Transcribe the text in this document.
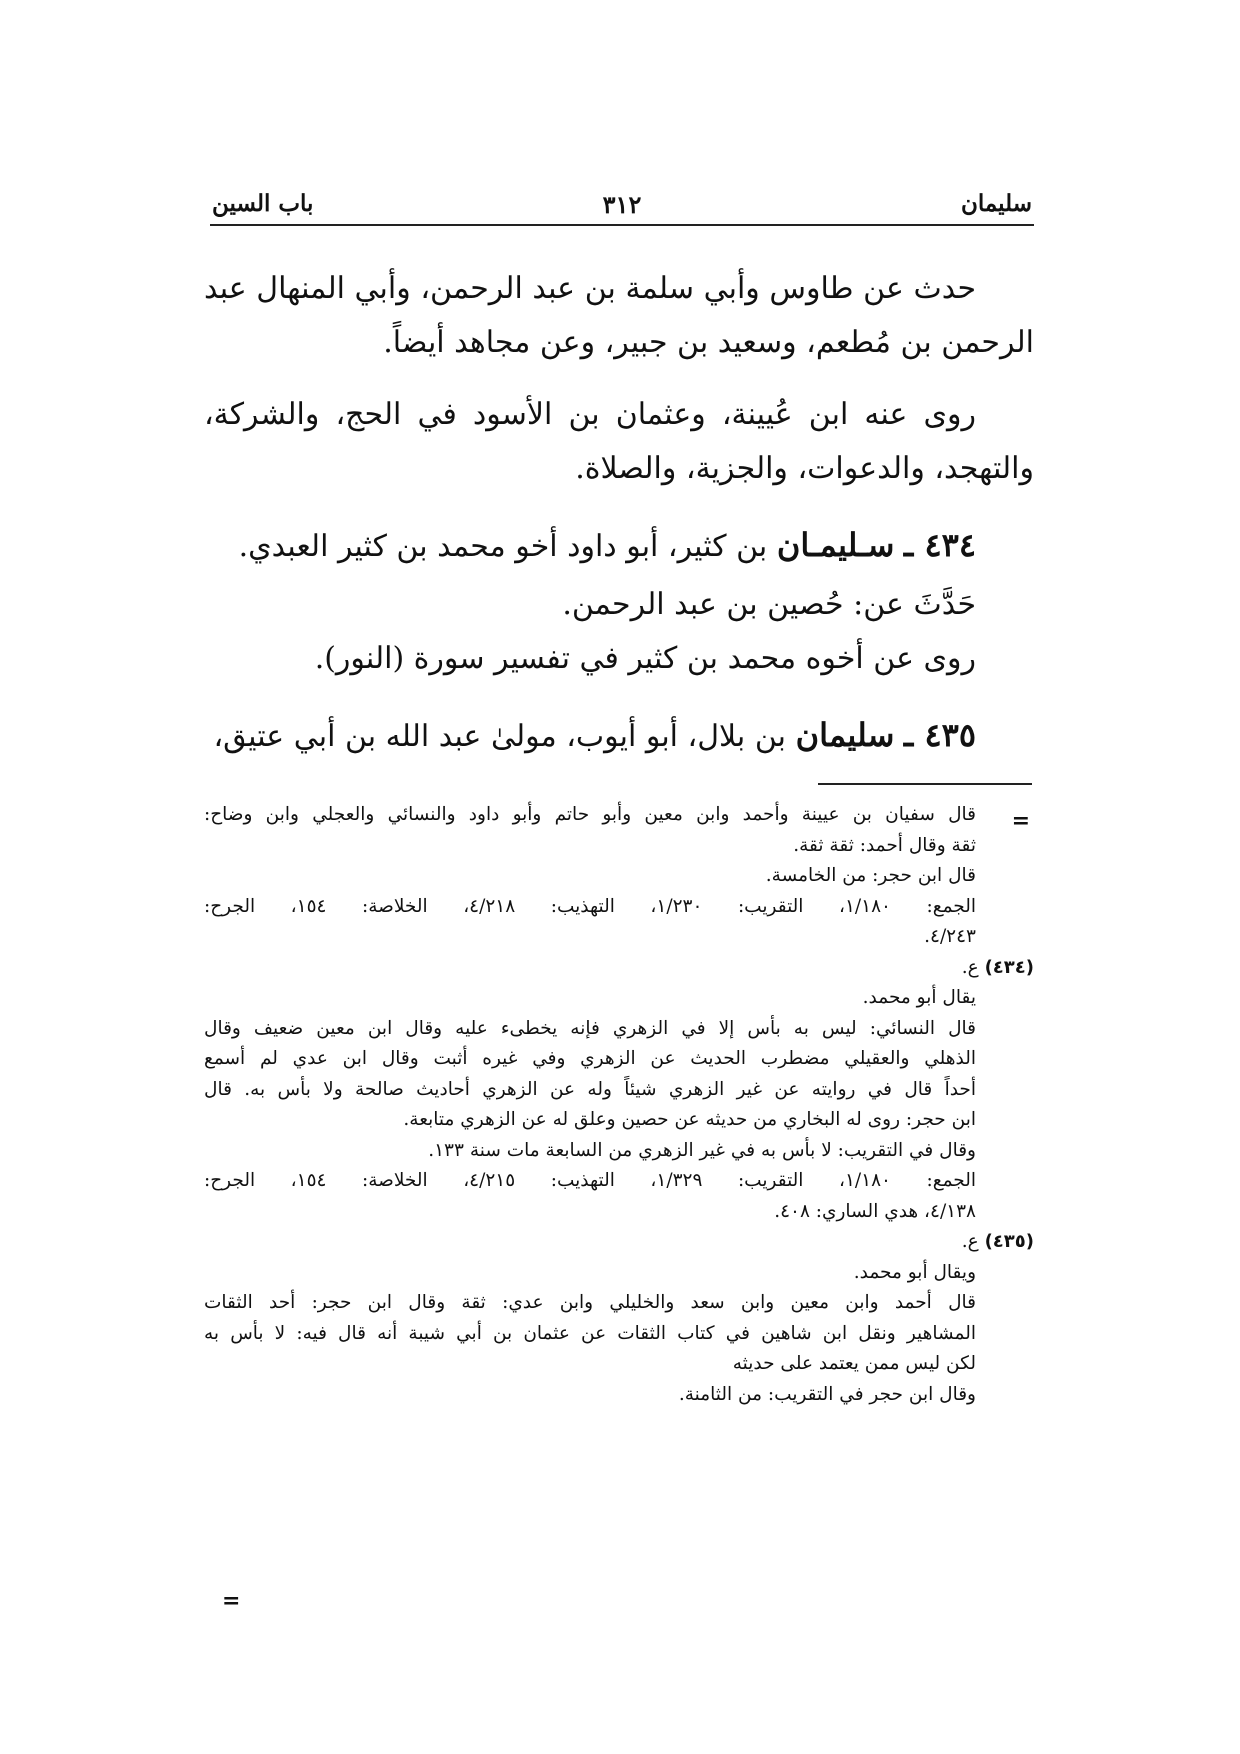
سليمان
٣١٢
باب السين
حدث عن طاوس وأبي سلمة بن عبد الرحمن، وأبي المنهال عبد
الرحمن بن مُطعم، وسعيد بن جبير، وعن مجاهد أيضاً.
روى عنه ابن عُيينة، وعثمان بن الأسود في الحج، والشركة،
والتهجد، والدعوات، والجزية، والصلاة.
٤٣٤ ـ سـليمـان بن كثير، أبو داود أخو محمد بن كثير العبدي.
حَدَّثَ عن: حُصين بن عبد الرحمن.
روى عن أخوه محمد بن كثير في تفسير سورة (النور).
٤٣٥ ـ سليمان بن بلال، أبو أيوب، مولىٰ عبد الله بن أبي عتيق،
=
قال سفيان بن عيينة وأحمد وابن معين وأبو حاتم وأبو داود والنسائي والعجلي وابن وضاح:
ثقة وقال أحمد: ثقة ثقة.
قال ابن حجر: من الخامسة.
الجمع: ١/١٨٠، التقريب: ١/٢٣٠، التهذيب: ٤/٢١٨، الخلاصة: ١٥٤، الجرح:
٤/٢٤٣.
(٤٣٤) ع.
يقال أبو محمد.
قال النسائي: ليس به بأس إلا في الزهري فإنه يخطىء عليه وقال ابن معين ضعيف وقال
الذهلي والعقيلي مضطرب الحديث عن الزهري وفي غيره أثبت وقال ابن عدي لم أسمع
أحداً قال في روايته عن غير الزهري شيئاً وله عن الزهري أحاديث صالحة ولا بأس به. قال
ابن حجر: روى له البخاري من حديثه عن حصين وعلق له عن الزهري متابعة.
وقال في التقريب: لا بأس به في غير الزهري من السابعة مات سنة ١٣٣.
الجمع: ١/١٨٠، التقريب: ١/٣٢٩، التهذيب: ٤/٢١٥، الخلاصة: ١٥٤، الجرح:
٤/١٣٨، هدي الساري: ٤٠٨.
(٤٣٥) ع.
ويقال أبو محمد.
قال أحمد وابن معين وابن سعد والخليلي وابن عدي: ثقة وقال ابن حجر: أحد الثقات
المشاهير ونقل ابن شاهين في كتاب الثقات عن عثمان بن أبي شيبة أنه قال فيه: لا بأس به
لكن ليس ممن يعتمد على حديثه
وقال ابن حجر في التقريب: من الثامنة.
=
